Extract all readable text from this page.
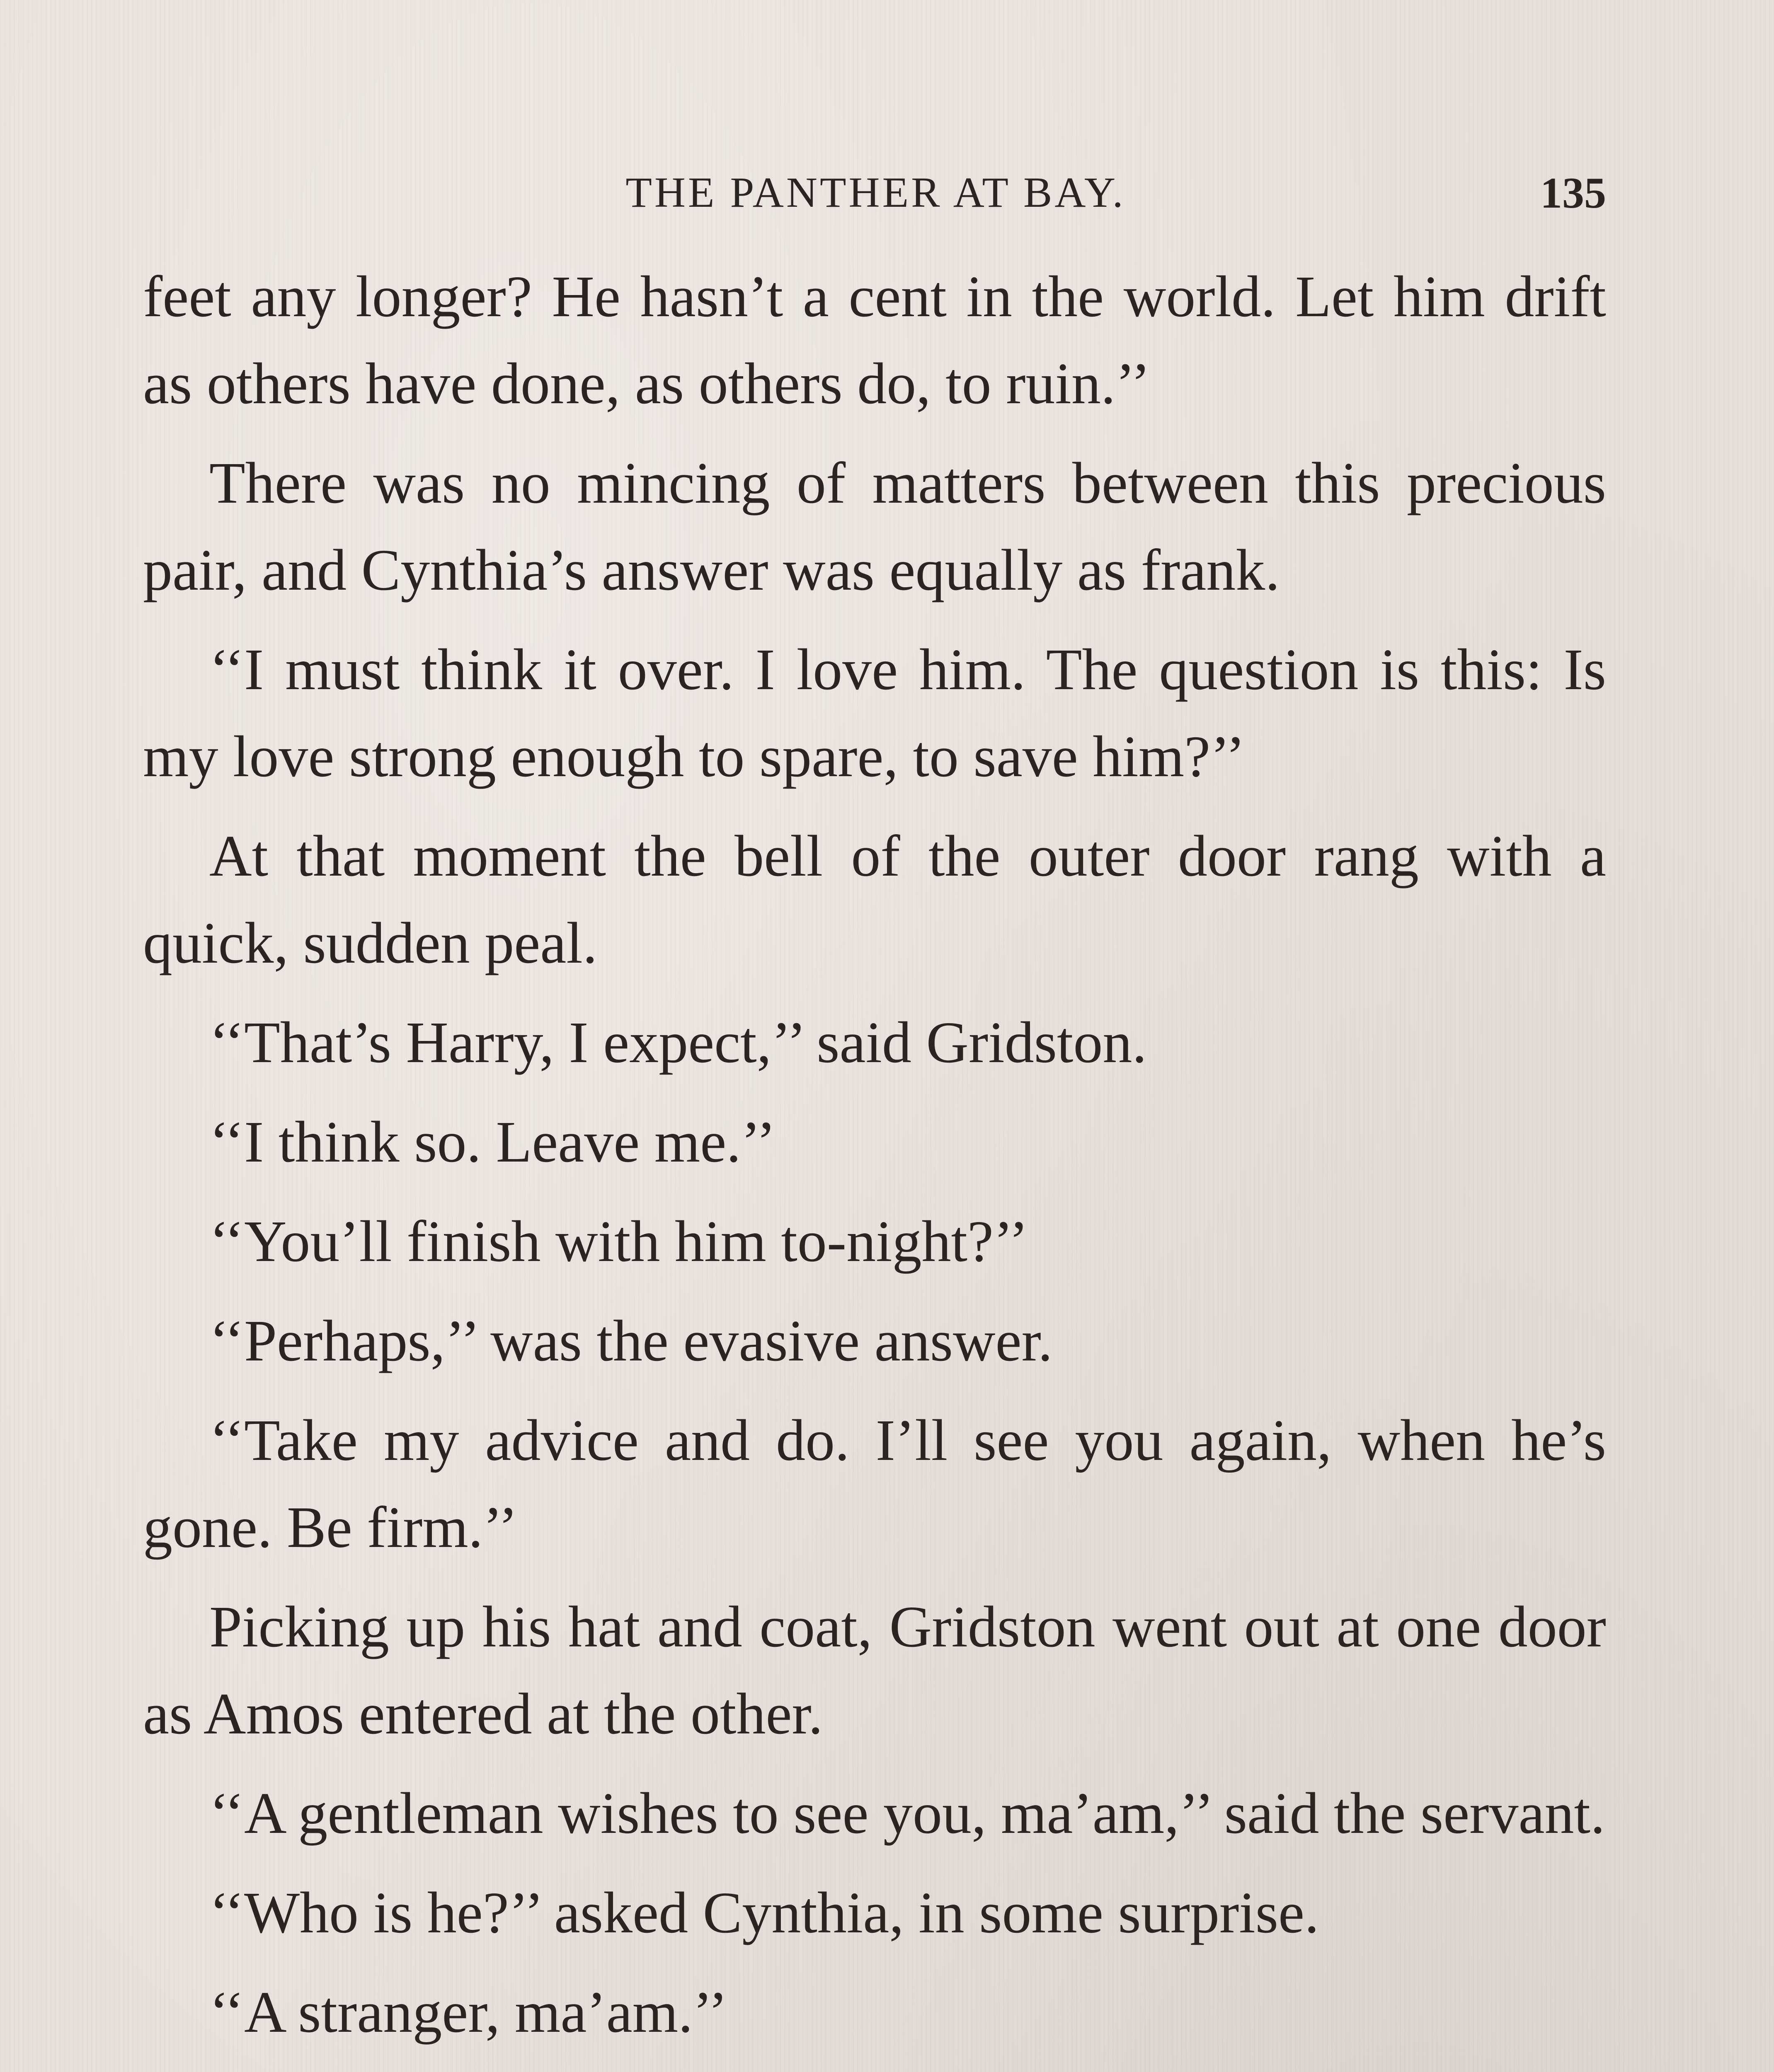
THE PANTHER AT BAY.	135

feet any longer? He hasn’t a cent in the world. Let him drift as others have done, as others do, to ruin.’’

There was no mincing of matters between this precious pair, and Cynthia’s answer was equally as frank.

‘‘I must think it over. I love him. The question is this: Is my love strong enough to spare, to save him?’’

At that moment the bell of the outer door rang with a quick, sudden peal.

‘‘That’s Harry, I expect,’’ said Gridston.

‘‘I think so. Leave me.’’

‘‘You’ll finish with him to-night?’’

‘‘Perhaps,’’ was the evasive answer.

‘‘Take my advice and do. I’ll see you again, when he’s gone. Be firm.’’

Picking up his hat and coat, Gridston went out at one door as Amos entered at the other.

‘‘A gentleman wishes to see you, ma’am,’’ said the servant.

‘‘Who is he?’’ asked Cynthia, in some surprise.

‘‘A stranger, ma’am.’’
